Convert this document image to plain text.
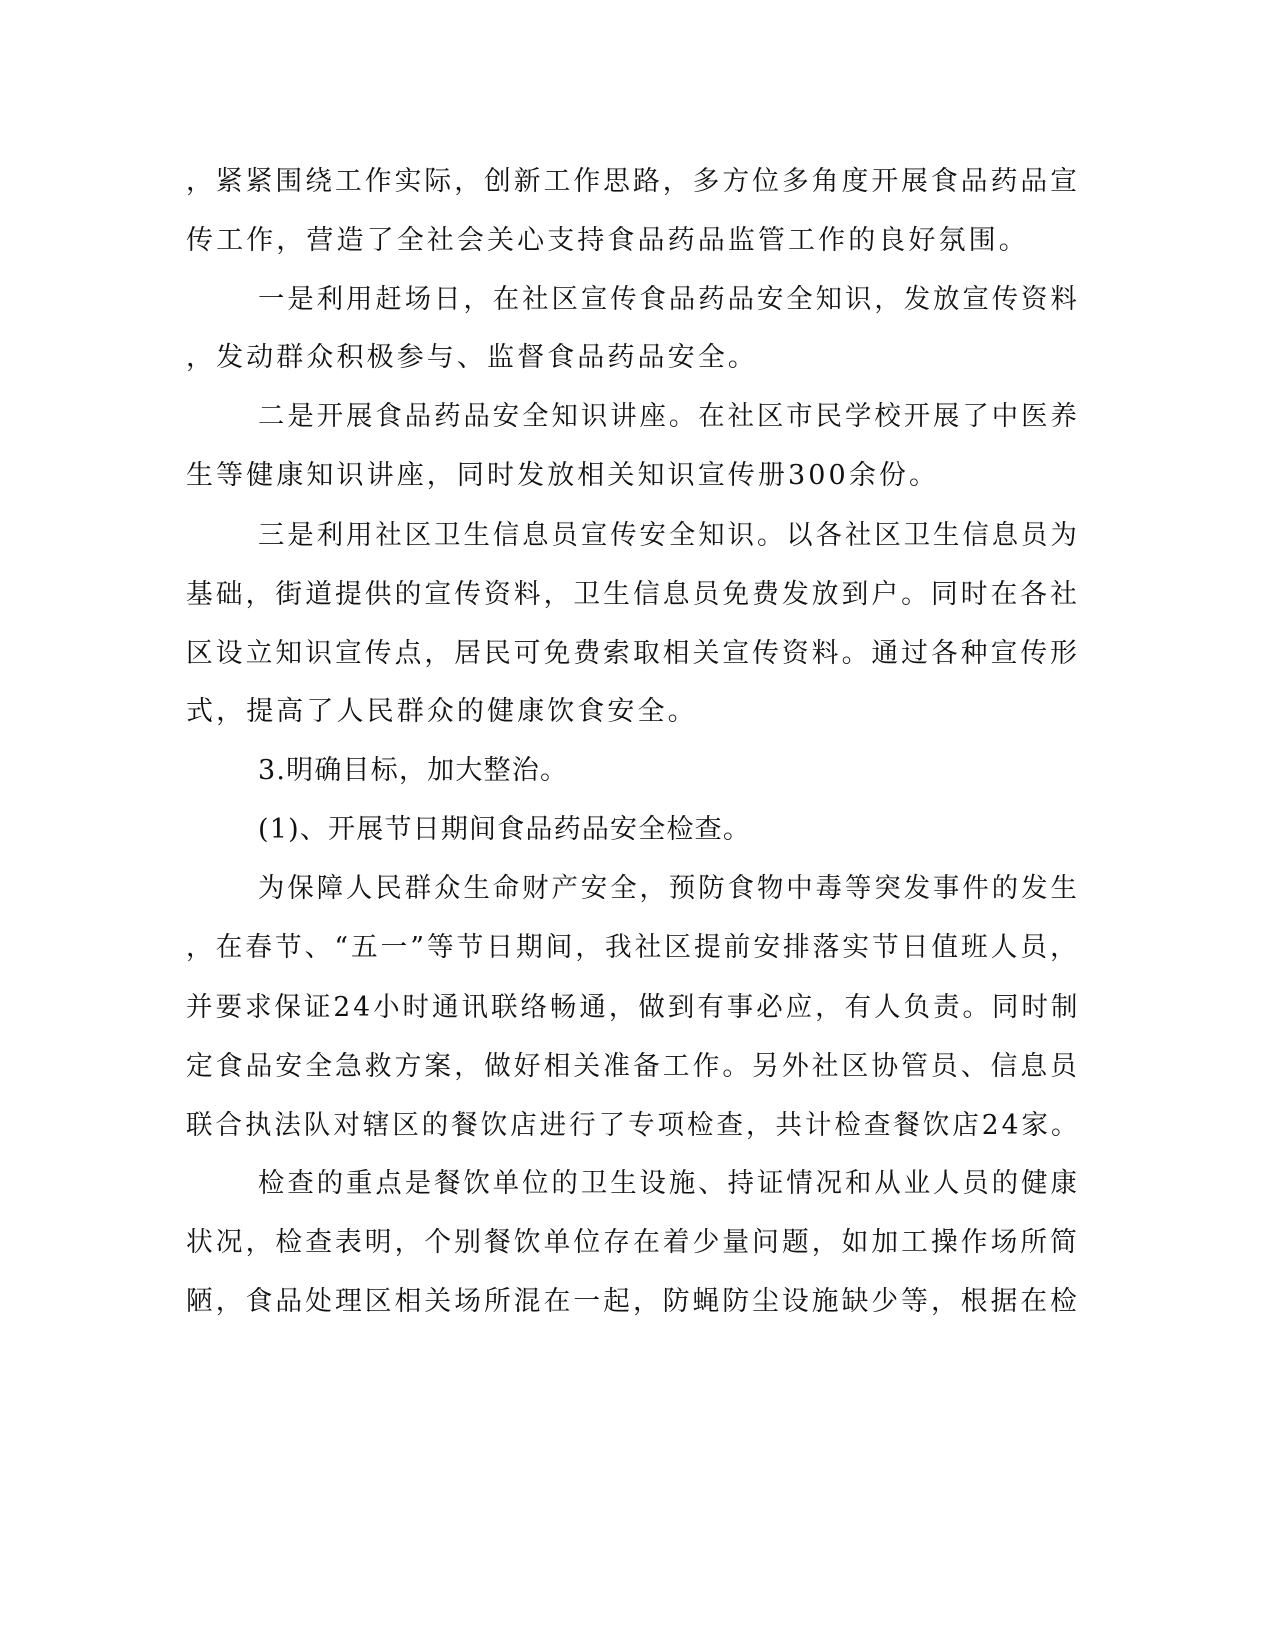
，紧紧围绕工作实际，创新工作思路，多方位多角度开展食品药品宣
传工作，营造了全社会关心支持食品药品监管工作的良好氛围。
一是利用赶场日，在社区宣传食品药品安全知识，发放宣传资料
，发动群众积极参与、监督食品药品安全。
二是开展食品药品安全知识讲座。在社区市民学校开展了中医养
生等健康知识讲座，同时发放相关知识宣传册300余份。
三是利用社区卫生信息员宣传安全知识。以各社区卫生信息员为
基础，街道提供的宣传资料，卫生信息员免费发放到户。同时在各社
区设立知识宣传点，居民可免费索取相关宣传资料。通过各种宣传形
式，提高了人民群众的健康饮食安全。
3.明确目标，加大整治。
(1)、开展节日期间食品药品安全检查。
为保障人民群众生命财产安全，预防食物中毒等突发事件的发生
，在春节、“五一”等节日期间，我社区提前安排落实节日值班人员，
并要求保证24小时通讯联络畅通，做到有事必应，有人负责。同时制
定食品安全急救方案，做好相关准备工作。另外社区协管员、信息员
联合执法队对辖区的餐饮店进行了专项检查，共计检查餐饮店24家。
检查的重点是餐饮单位的卫生设施、持证情况和从业人员的健康
状况，检查表明，个别餐饮单位存在着少量问题，如加工操作场所简
陋，食品处理区相关场所混在一起，防蝇防尘设施缺少等，根据在检
